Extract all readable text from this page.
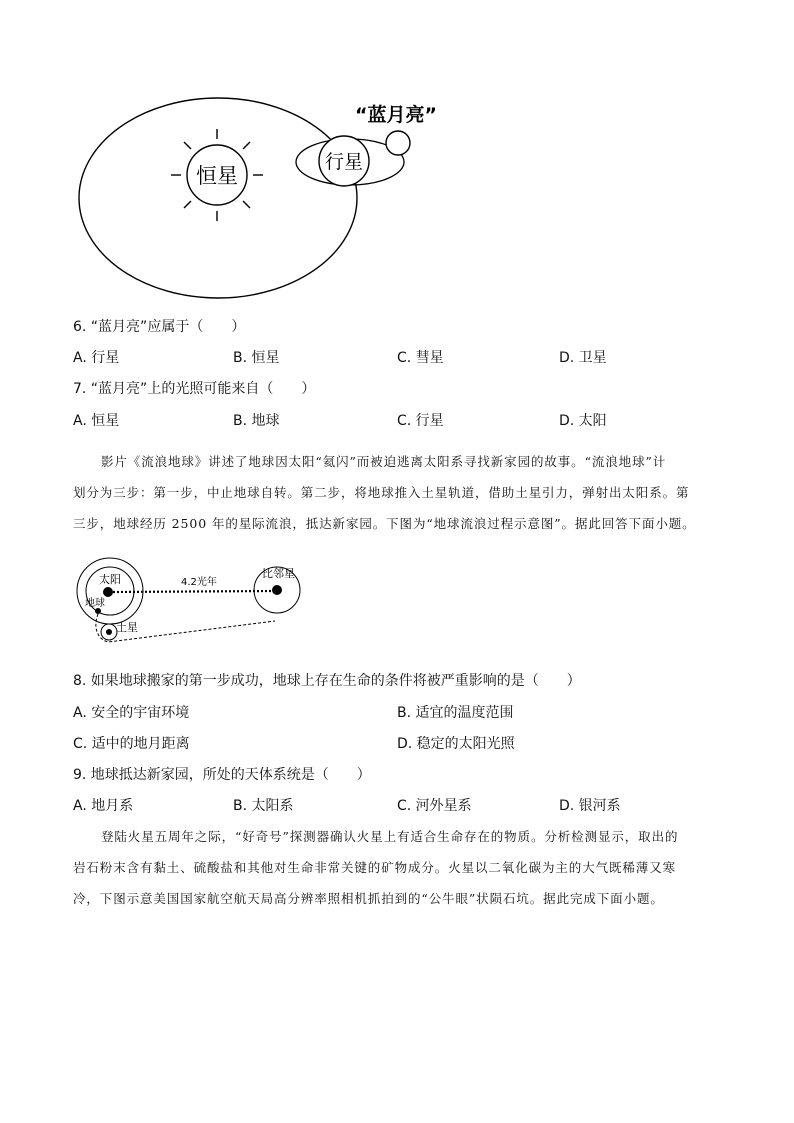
恒星
行星
“蓝月亮”
6. “蓝月亮”应属于（　　）
A. 行星	B. 恒星	C. 彗星	D. 卫星
7. “蓝月亮”上的光照可能来自（　　）
A. 恒星	B. 地球	C. 行星	D. 太阳
影片《流浪地球》讲述了地球因太阳“氦闪”而被迫逃离太阳系寻找新家园的故事。“流浪地球”计
划分为三步：第一步，中止地球自转。第二步，将地球推入土星轨道，借助土星引力，弹射出太阳系。第
三步，地球经历 2500 年的星际流浪，抵达新家园。下图为“地球流浪过程示意图”。据此回答下面小题。
太阳
地球
土星
4.2光年
比邻星
8. 如果地球搬家的第一步成功，地球上存在生命的条件将被严重影响的是（　　）
A. 安全的宇宙环境	B. 适宜的温度范围
C. 适中的地月距离	D. 稳定的太阳光照
9. 地球抵达新家园，所处的天体系统是（　　）
A. 地月系	B. 太阳系	C. 河外星系	D. 银河系
登陆火星五周年之际，“好奇号”探测器确认火星上有适合生命存在的物质。分析检测显示，取出的
岩石粉末含有黏土、硫酸盐和其他对生命非常关键的矿物成分。火星以二氧化碳为主的大气既稀薄又寒
冷，下图示意美国国家航空航天局高分辨率照相机抓拍到的“公牛眼”状陨石坑。据此完成下面小题。
